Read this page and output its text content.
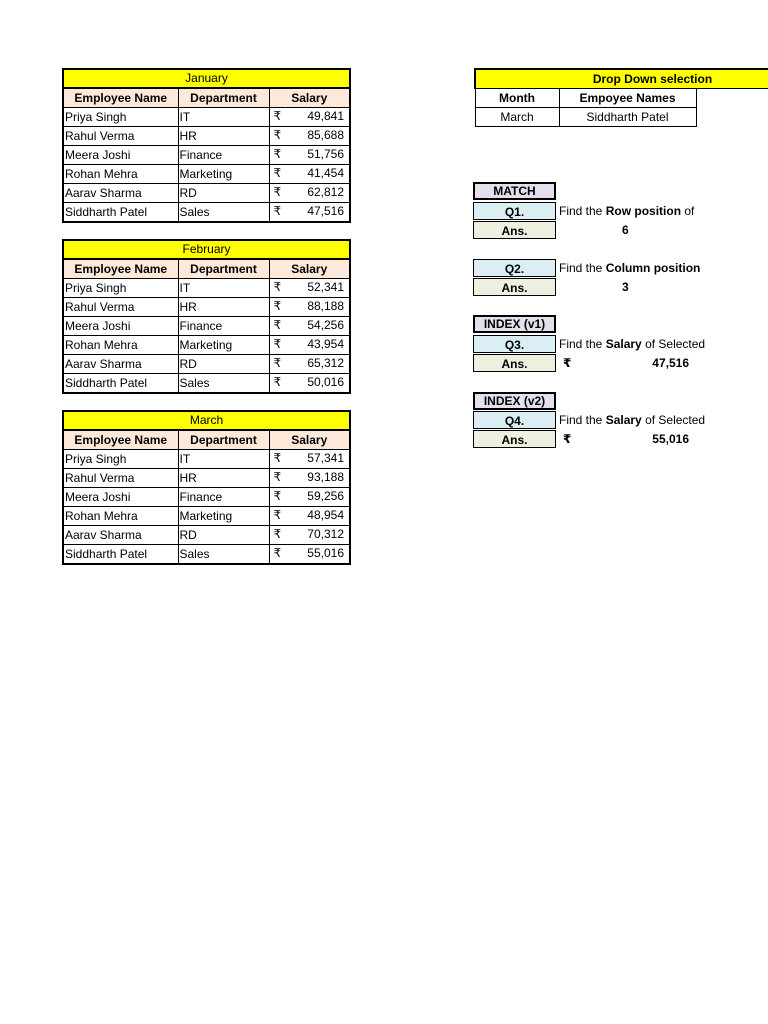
January		
Employee Name	Department	Salary
Priya Singh	IT	₹ 49,841

Rahul Verma	HR	₹ 85,688

Meera Joshi	Finance	₹ 51,756

Rohan Mehra	Marketing	₹ 41,454

Aarav Sharma	RD	₹ 62,812

Siddharth Patel	Sales	₹ 47,516
February		
Employee Name	Department	Salary
Priya Singh	IT	₹ 52,341

Rahul Verma	HR	₹ 88,188

Meera Joshi	Finance	₹ 54,256

Rohan Mehra	Marketing	₹ 43,954

Aarav Sharma	RD	₹ 65,312

Siddharth Patel	Sales	₹ 50,016
March		
Employee Name	Department	Salary
Priya Singh	IT	₹ 57,341

Rahul Verma	HR	₹ 93,188

Meera Joshi	Finance	₹ 59,256

Rohan Mehra	Marketing	₹ 48,954

Aarav Sharma	RD	₹ 70,312

Siddharth Patel	Sales	₹ 55,016
Drop Down selection		
Month	Empoyee Names	
March	Siddharth Patel	
MATCH
Q1.	Find the Row position of
Ans.	6
Q2.	Find the Column position
Ans.	3
INDEX (v1)
Q3.	Find the Salary of Selected
Ans.	₹	47,516
INDEX (v2)
Q4.	Find the Salary of Selected
Ans.	₹	55,016
